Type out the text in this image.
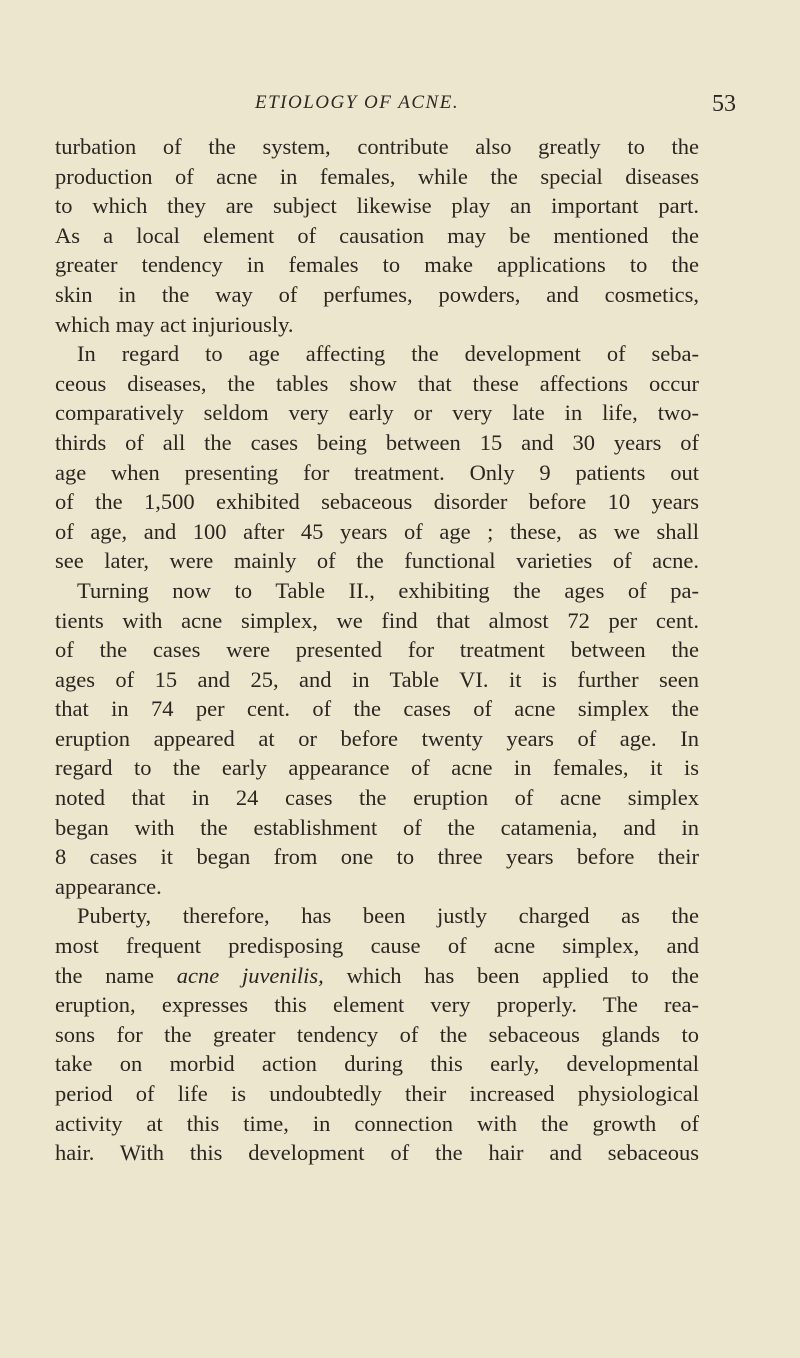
ETIOLOGY OF ACNE.	53
turbation of the system, contribute also greatly to the
production of acne in females, while the special diseases
to which they are subject likewise play an important part.
As a local element of causation may be mentioned the
greater tendency in females to make applications to the
skin in the way of perfumes, powders, and cosmetics,
which may act injuriously.
In regard to age affecting the development of seba-
ceous diseases, the tables show that these affections occur
comparatively seldom very early or very late in life, two-
thirds of all the cases being between 15 and 30 years of
age when presenting for treatment. Only 9 patients out
of the 1,500 exhibited sebaceous disorder before 10 years
of age, and 100 after 45 years of age ; these, as we shall
see later, were mainly of the functional varieties of acne.
Turning now to Table II., exhibiting the ages of pa-
tients with acne simplex, we find that almost 72 per cent.
of the cases were presented for treatment between the
ages of 15 and 25, and in Table VI. it is further seen
that in 74 per cent. of the cases of acne simplex the
eruption appeared at or before twenty years of age. In
regard to the early appearance of acne in females, it is
noted that in 24 cases the eruption of acne simplex
began with the establishment of the catamenia, and in
8 cases it began from one to three years before their
appearance.
Puberty, therefore, has been justly charged as the
most frequent predisposing cause of acne simplex, and
the name acne juvenilis, which has been applied to the
eruption, expresses this element very properly. The rea-
sons for the greater tendency of the sebaceous glands to
take on morbid action during this early, developmental
period of life is undoubtedly their increased physiological
activity at this time, in connection with the growth of
hair. With this development of the hair and sebaceous
